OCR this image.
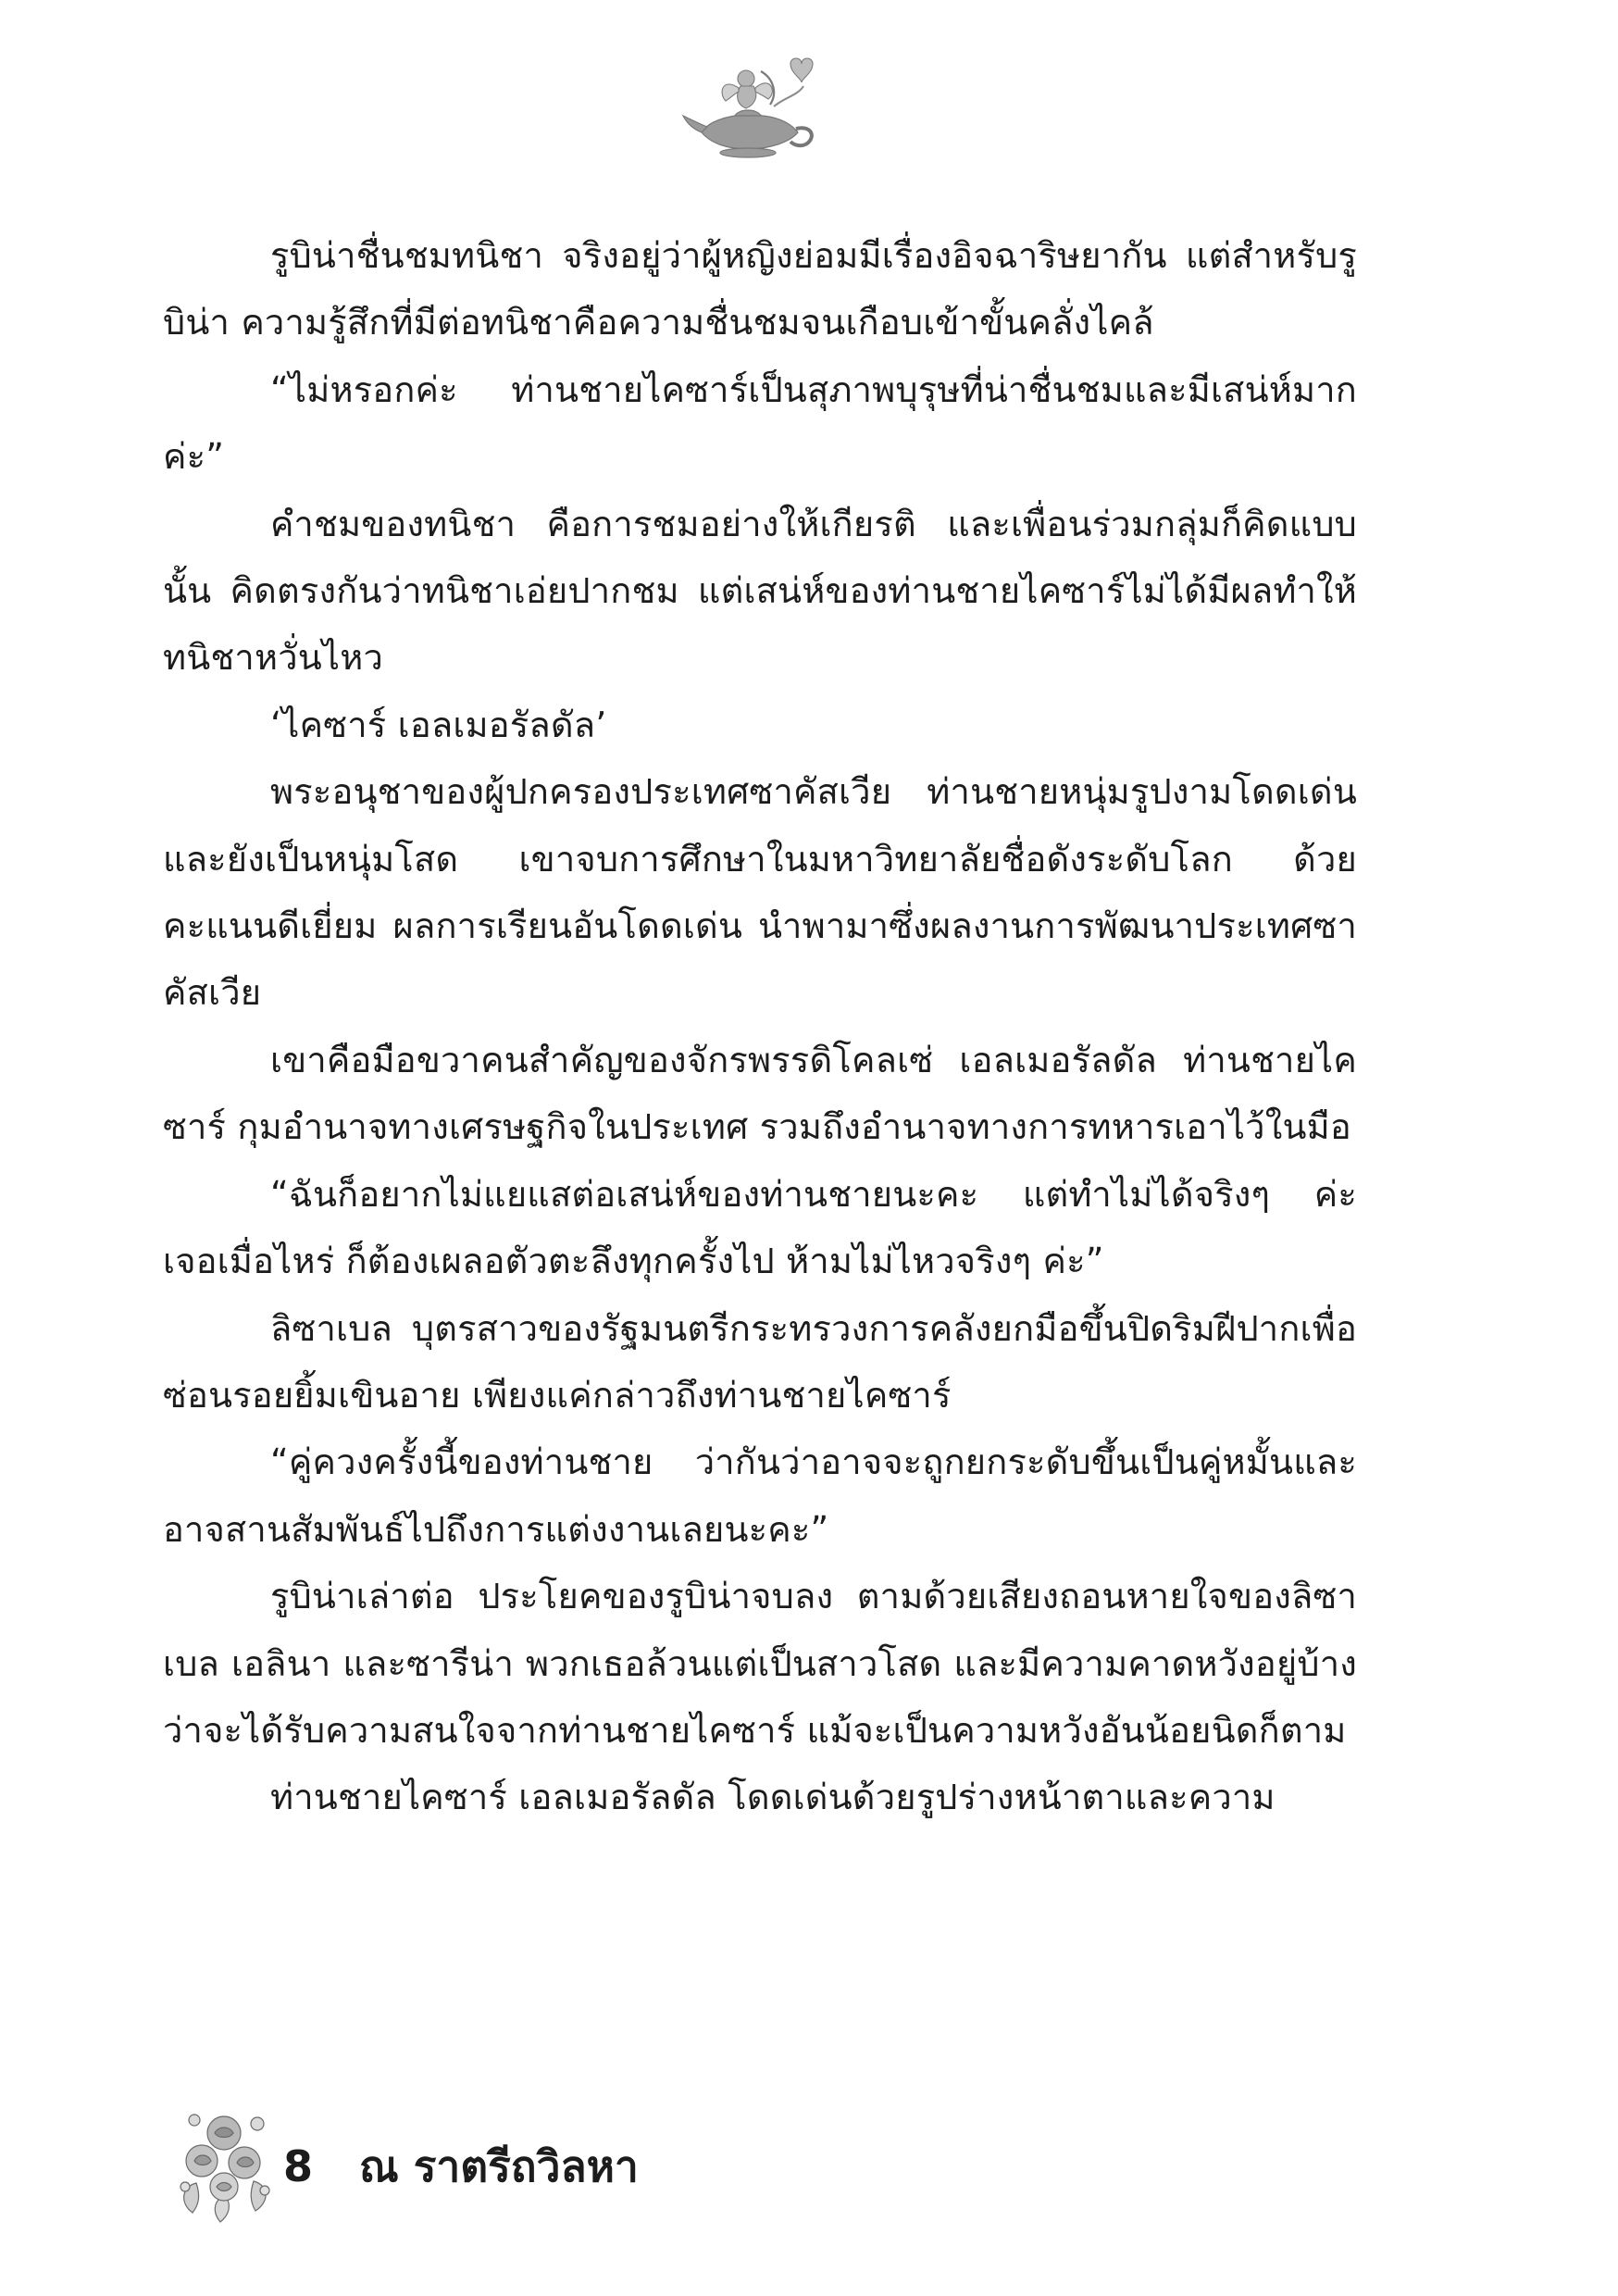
รูบิน่าชื่นชมทนิชา จริงอยู่ว่าผู้หญิงย่อมมีเรื่องอิจฉาริษยากัน แต่สำหรับรูบิน่า ความรู้สึกที่มีต่อทนิชาคือความชื่นชมจนเกือบเข้าขั้นคลั่งไคล้

“ไม่หรอกค่ะ ท่านชายไคซาร์เป็นสุภาพบุรุษที่น่าชื่นชมและมีเสน่ห์มากค่ะ”

คำชมของทนิชา คือการชมอย่างให้เกียรติ และเพื่อนร่วมกลุ่มก็คิดแบบนั้น คิดตรงกันว่าทนิชาเอ่ยปากชม แต่เสน่ห์ของท่านชายไคซาร์ไม่ได้มีผลทำให้ทนิชาหวั่นไหว

‘ไคซาร์ เอลเมอรัลดัล’

พระอนุชาของผู้ปกครองประเทศซาคัสเวีย ท่านชายหนุ่มรูปงามโดดเด่น และยังเป็นหนุ่มโสด เขาจบการศึกษาในมหาวิทยาลัยชื่อดังระดับโลก ด้วยคะแนนดีเยี่ยม ผลการเรียนอันโดดเด่น นำพามาซึ่งผลงานการพัฒนาประเทศซาคัสเวีย

เขาคือมือขวาคนสำคัญของจักรพรรดิโคลเซ่ เอลเมอรัลดัล ท่านชายไคซาร์ กุมอำนาจทางเศรษฐกิจในประเทศ รวมถึงอำนาจทางการทหารเอาไว้ในมือ

“ฉันก็อยากไม่แยแสต่อเสน่ห์ของท่านชายนะคะ แต่ทำไม่ได้จริงๆ ค่ะ เจอเมื่อไหร่ ก็ต้องเผลอตัวตะลึงทุกครั้งไป ห้ามไม่ไหวจริงๆ ค่ะ”

ลิซาเบล บุตรสาวของรัฐมนตรีกระทรวงการคลังยกมือขึ้นปิดริมฝีปากเพื่อซ่อนรอยยิ้มเขินอาย เพียงแค่กล่าวถึงท่านชายไคซาร์

“คู่ควงครั้งนี้ของท่านชาย ว่ากันว่าอาจจะถูกยกระดับขึ้นเป็นคู่หมั้นและอาจสานสัมพันธ์ไปถึงการแต่งงานเลยนะคะ”

รูบิน่าเล่าต่อ ประโยคของรูบิน่าจบลง ตามด้วยเสียงถอนหายใจของลิซาเบล เอลินา และซารีน่า พวกเธอล้วนแต่เป็นสาวโสด และมีความคาดหวังอยู่บ้าง ว่าจะได้รับความสนใจจากท่านชายไคซาร์ แม้จะเป็นความหวังอันน้อยนิดก็ตาม

ท่านชายไคซาร์ เอลเมอรัลดัล โดดเด่นด้วยรูปร่างหน้าตาและความ

8 ณ ราตรีถวิลหา
